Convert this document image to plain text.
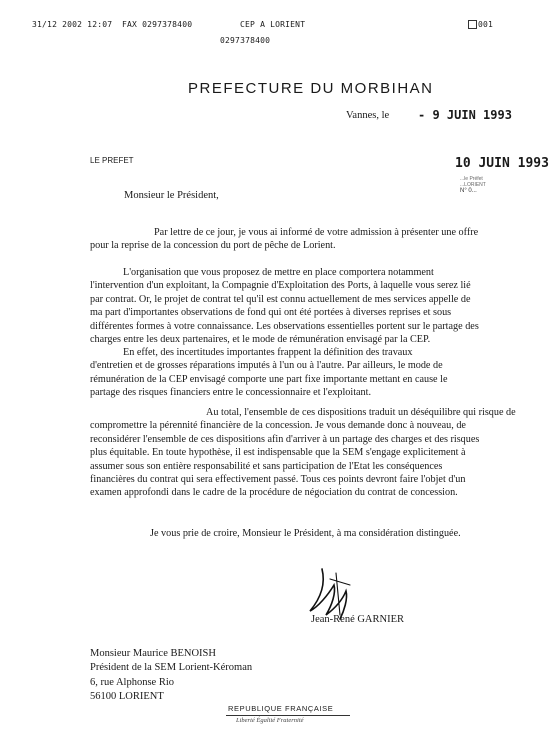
31/12 2002 12:07 FAX 0297378400	CEP A LORIENT
0297378400
001
PREFECTURE DU MORBIHAN
Vannes, le - 9 JUIN 1993
LE PREFET	10 JUIN 1993
...le Préfet
...LORIENT
N° 0...
Monsieur le Président,
Par lettre de ce jour, je vous ai informé de votre admission à présenter une offre
pour la reprise de la concession du port de pêche de Lorient.
L'organisation que vous proposez de mettre en place comportera notamment
l'intervention d'un exploitant, la Compagnie d'Exploitation des Ports, à laquelle vous serez lié
par contrat. Or, le projet de contrat tel qu'il est connu actuellement de mes services appelle de
ma part d'importantes observations de fond qui ont été portées à diverses reprises et sous
différentes formes à votre connaissance. Les observations essentielles portent sur le partage des
charges entre les deux partenaires, et le mode de rémunération envisagé par la CEP.
En effet, des incertitudes importantes frappent la définition des travaux
d'entretien et de grosses réparations imputés à l'un ou à l'autre. Par ailleurs, le mode de
rémunération de la CEP envisagé comporte une part fixe importante mettant en cause le
partage des risques financiers entre le concessionnaire et l'exploitant.
Au total, l'ensemble de ces dispositions traduit un déséquilibre qui risque de
compromettre la pérennité financière de la concession. Je vous demande donc à nouveau, de
reconsidérer l'ensemble de ces dispositions afin d'arriver à un partage des charges et des risques
plus équitable. En toute hypothèse, il est indispensable que la SEM s'engage explicitement à
assumer sous son entière responsabilité et sans participation de l'Etat les conséquences
financières du contrat qui sera effectivement passé. Tous ces points devront faire l'objet d'un
examen approfondi dans le cadre de la procédure de négociation du contrat de concession.
Je vous prie de croire, Monsieur le Président, à ma considération distinguée.
Jean-René GARNIER
Monsieur Maurice BENOISH
Président de la SEM Lorient-Kéroman
6, rue Alphonse Rio
56100 LORIENT
REPUBLIQUE FRANÇAISE
Liberté Égalité Fraternité
